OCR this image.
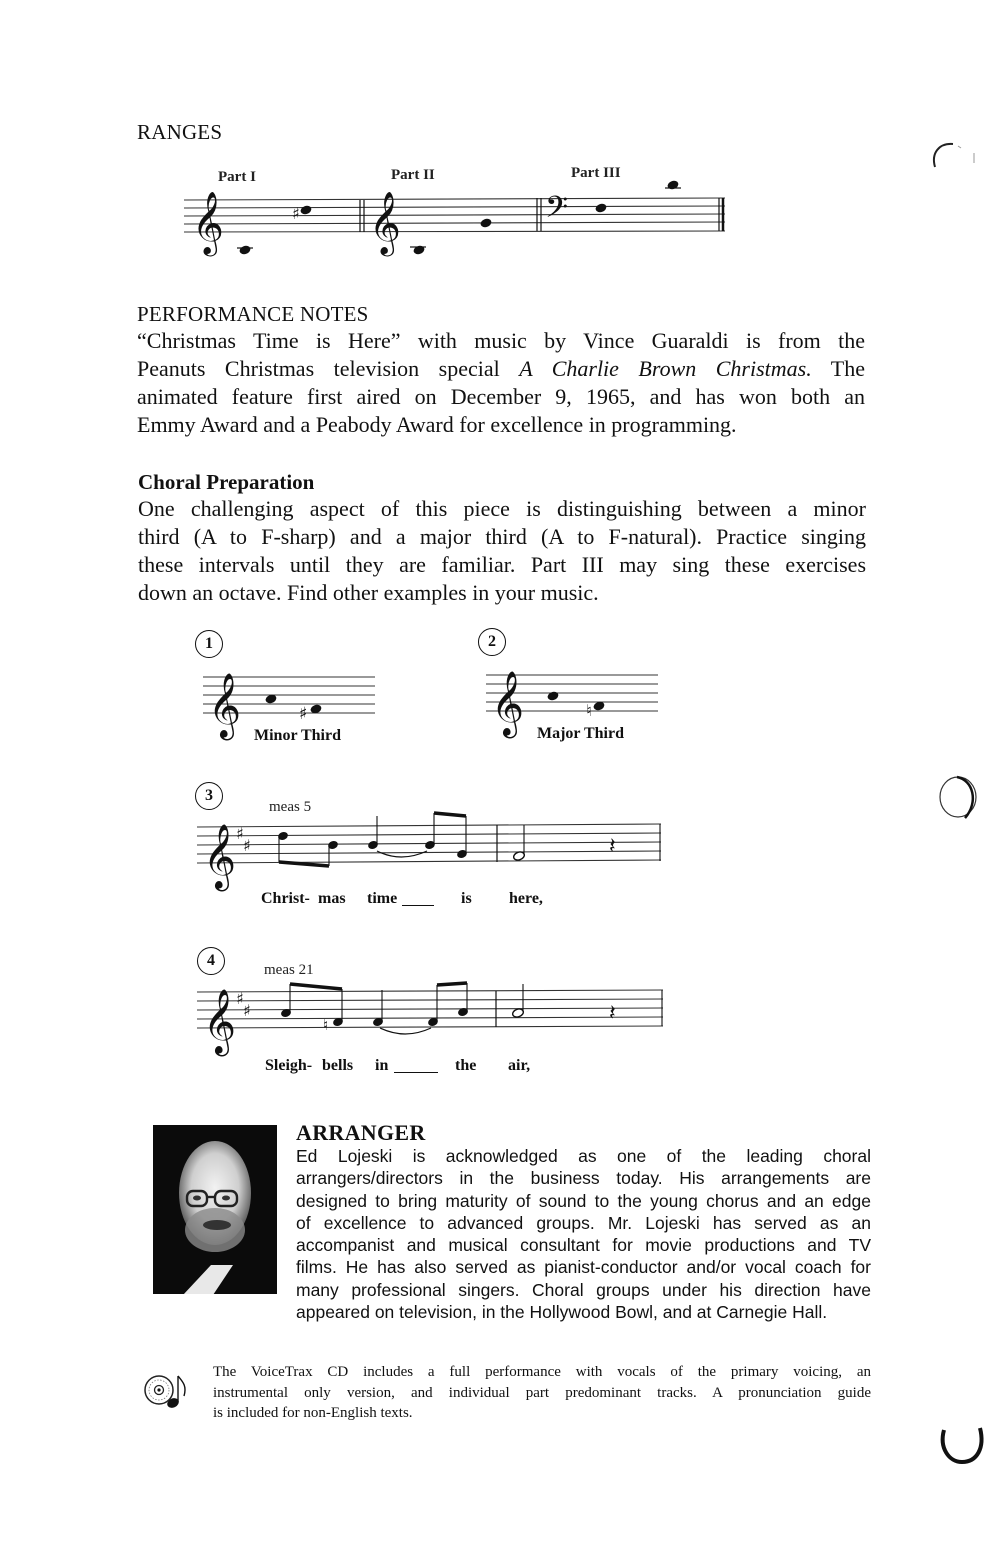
RANGES
Part I	Part II	Part III
𝄞	𝄞	𝄢
♯
PERFORMANCE NOTES
“Christmas Time is Here” with music by Vince Guaraldi is from the
Peanuts Christmas television special A Charlie Brown Christmas. The
animated feature first aired on December 9, 1965, and has won both an
Emmy Award and a Peabody Award for excellence in programming.
Choral Preparation
One challenging aspect of this piece is distinguishing between a minor
third (A to F-sharp) and a major third (A to F-natural). Practice singing
these intervals until they are familiar. Part III may sing these exercises
down an octave. Find other examples in your music.
1
𝄞	♯
Minor Third
2
𝄞	♮
Major Third
3
meas 5
𝄞 ♯
♯	𝄽
Christ- mas time	is here,
4
meas 21
𝄞 ♯
♯
♮	𝄽
Sleigh- bells in	the air,
ARRANGER
Ed Lojeski is acknowledged as one of the leading choral
arrangers/directors in the business today. His arrangements are
designed to bring maturity of sound to the young chorus and an edge
of excellence to advanced groups. Mr. Lojeski has served as an
accompanist and musical consultant for movie productions and TV
films. He has also served as pianist-conductor and/or vocal coach for
many professional singers. Choral groups under his direction have
appeared on television, in the Hollywood Bowl, and at Carnegie Hall.
The VoiceTrax CD includes a full performance with vocals of the primary voicing, an
instrumental only version, and individual part predominant tracks. A pronunciation guide
is included for non-English texts.
